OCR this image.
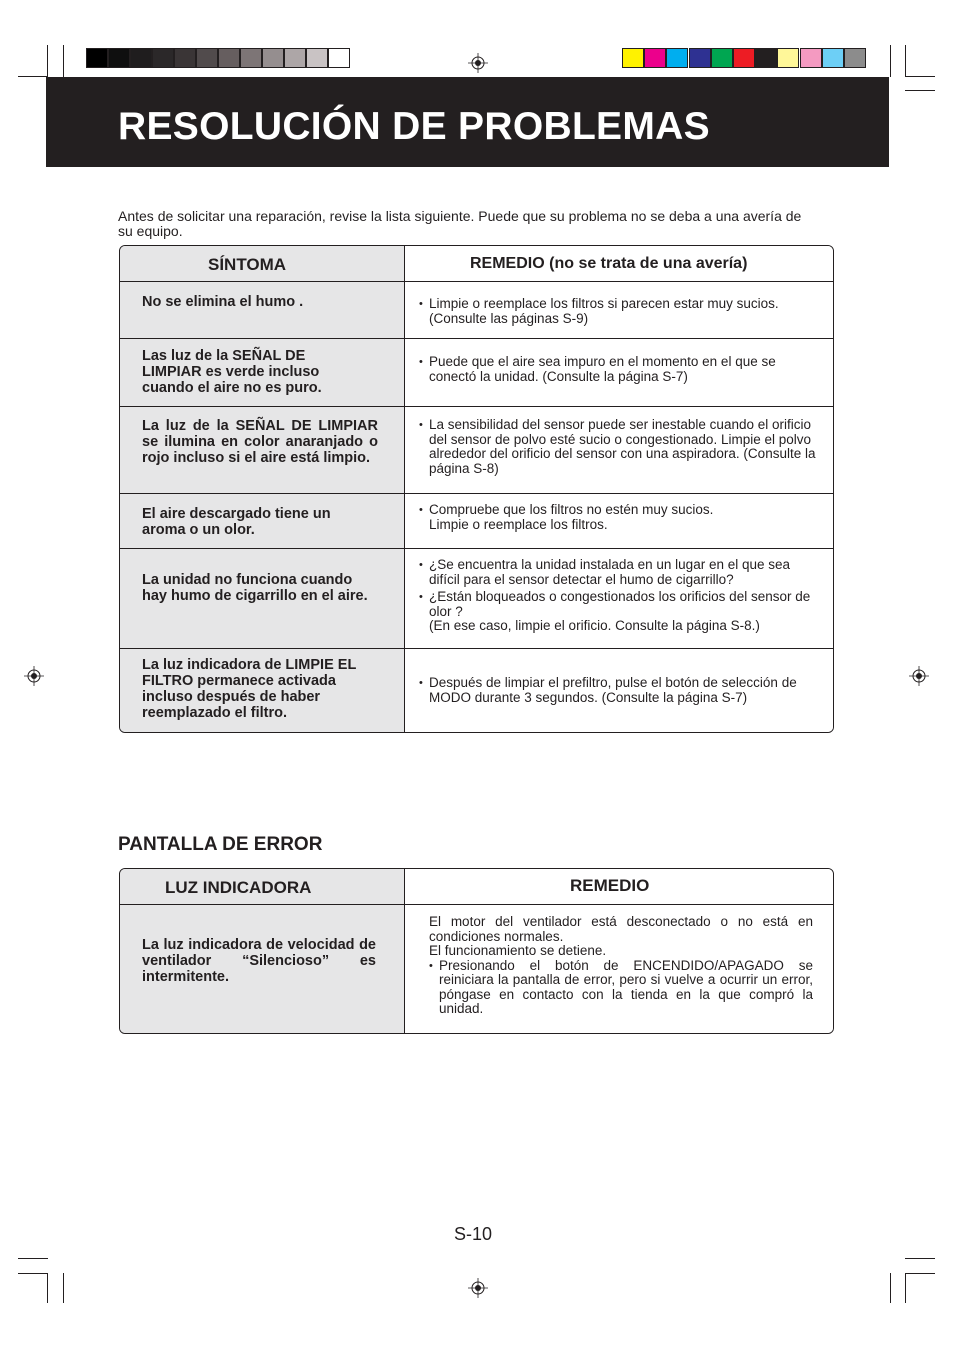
RESOLUCIÓN DE PROBLEMAS

Antes de solicitar una reparación, revise la lista siguiente. Puede que su problema no se deba a una avería de su equipo.

SÍNTOMA	REMEDIO (no se trata de una avería)
No se elimina el humo .
•	Limpie o reemplace los filtros si parecen estar muy sucios. (Consulte las páginas S-9)
Las luz de la SEÑAL DE LIMPIAR es verde incluso cuando el aire no es puro.
• Puede que el aire sea impuro en el momento en el que se conectó la unidad. (Consulte la página S-7)
La luz de la SEÑAL DE LIMPIAR se ilumina en color anaranjado o rojo incluso si el aire está limpio.
• La sensibilidad del sensor puede ser inestable cuando el orificio del sensor de polvo esté sucio o congestionado. Limpie el polvo alrededor del orificio del sensor con una aspiradora. (Consulte la página S-8)
El aire descargado tiene un aroma o un olor.
• Compruebe que los filtros no estén muy sucios. Limpie o reemplace los filtros.
La unidad no funciona cuando hay humo de cigarrillo en el aire.
• ¿Se encuentra la unidad instalada en un lugar en el que sea difícil para el sensor detectar el humo de cigarrillo?
• ¿Están bloqueados o congestionados los orificios del sensor de olor ?
(En ese caso, limpie el orificio. Consulte la página S-8.)
La luz indicadora de LIMPIE EL FILTRO permanece activada incluso después de haber reemplazado el filtro.
• Después de limpiar el prefiltro, pulse el botón de selección de MODO durante 3 segundos. (Consulte la página S-7)
PANTALLA DE ERROR
LUZ INDICADORA	REMEDIO
La luz indicadora de velocidad de ventilador “Silencioso” es intermitente.
El motor del ventilador está desconectado o no está en condiciones normales.
El funcionamiento se detiene.
• Presionando el botón de ENCENDIDO/APAGADO se reiniciara la pantalla de error, pero si vuelve a ocurrir un error, póngase en contacto con la tienda en la que compró la unidad.
S-10
